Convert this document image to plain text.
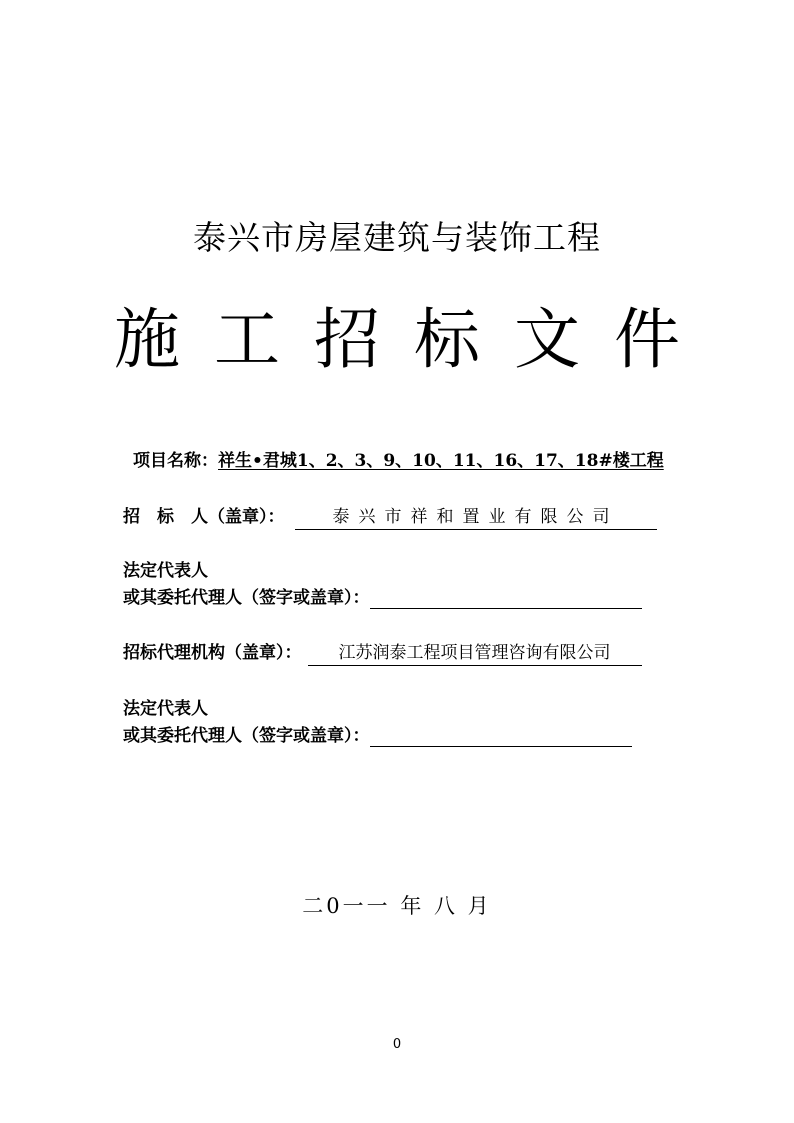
泰兴市房屋建筑与装饰工程
施工招标文件
项目名称：祥生•君城1、2、3、9、10、11、16、17、18#楼工程
招　标　人（盖章）：	泰兴市祥和置业有限公司
法定代表人
或其委托代理人（签字或盖章）：
招标代理机构（盖章）： 江苏润泰工程项目管理咨询有限公司
法定代表人
或其委托代理人（签字或盖章）：
二0一一 年 八 月
0
